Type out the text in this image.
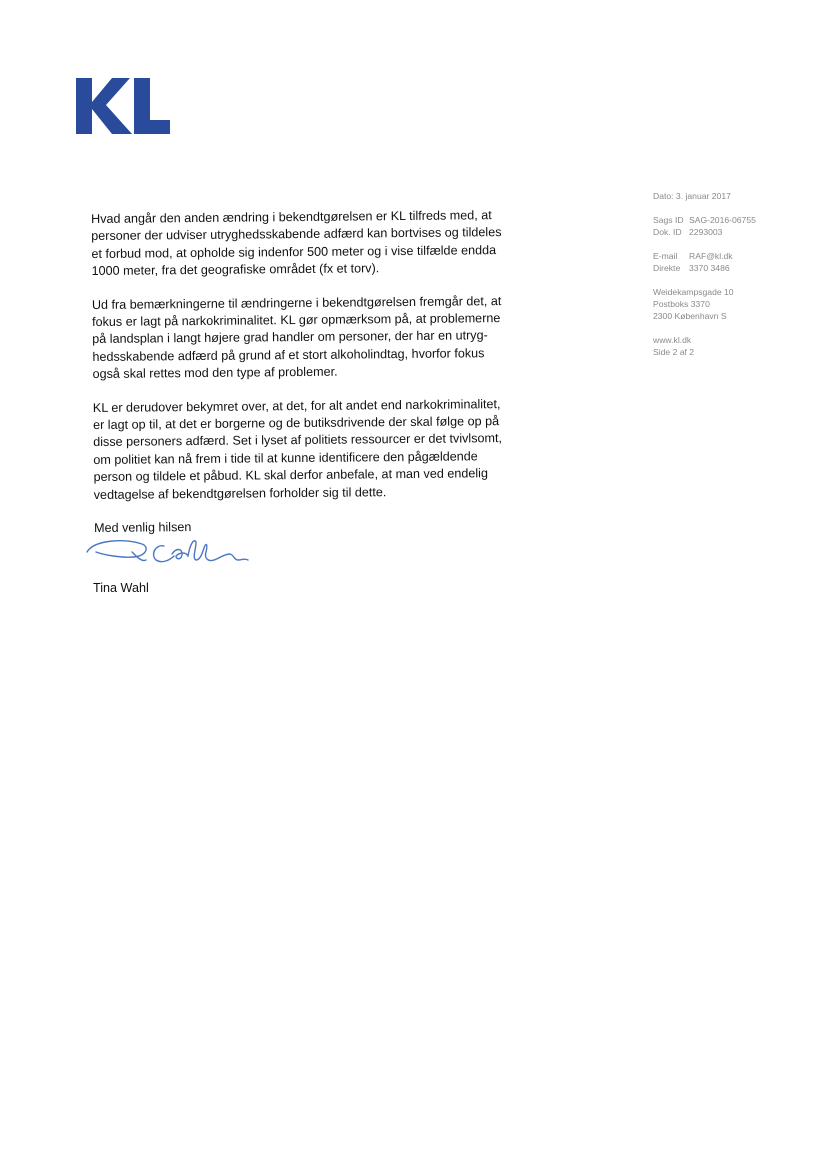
Dato: 3. januar 2017
Sags ID SAG-2016-06755
Dok. ID 2293003
E-mail RAF@kl.dk
Direkte 3370 3486
Weidekampsgade 10
Postboks 3370
2300 København S
www.kl.dk
Side 2 af 2

Hvad angår den anden ændring i bekendtgørelsen er KL tilfreds med, at
personer der udviser utryghedsskabende adfærd kan bortvises og tildeles
et forbud mod, at opholde sig indenfor 500 meter og i vise tilfælde endda
1000 meter, fra det geografiske området (fx et torv).

Ud fra bemærkningerne til ændringerne i bekendtgørelsen fremgår det, at
fokus er lagt på narkokriminalitet. KL gør opmærksom på, at problemerne
på landsplan i langt højere grad handler om personer, der har en utryg-
hedsskabende adfærd på grund af et stort alkoholindtag, hvorfor fokus
også skal rettes mod den type af problemer.

KL er derudover bekymret over, at det, for alt andet end narkokriminalitet,
er lagt op til, at det er borgerne og de butiksdrivende der skal følge op på
disse personers adfærd. Set i lyset af politiets ressourcer er det tvivlsomt,
om politiet kan nå frem i tide til at kunne identificere den pågældende
person og tildele et påbud. KL skal derfor anbefale, at man ved endelig
vedtagelse af bekendtgørelsen forholder sig til dette.

Med venlig hilsen

Tina Wahl
